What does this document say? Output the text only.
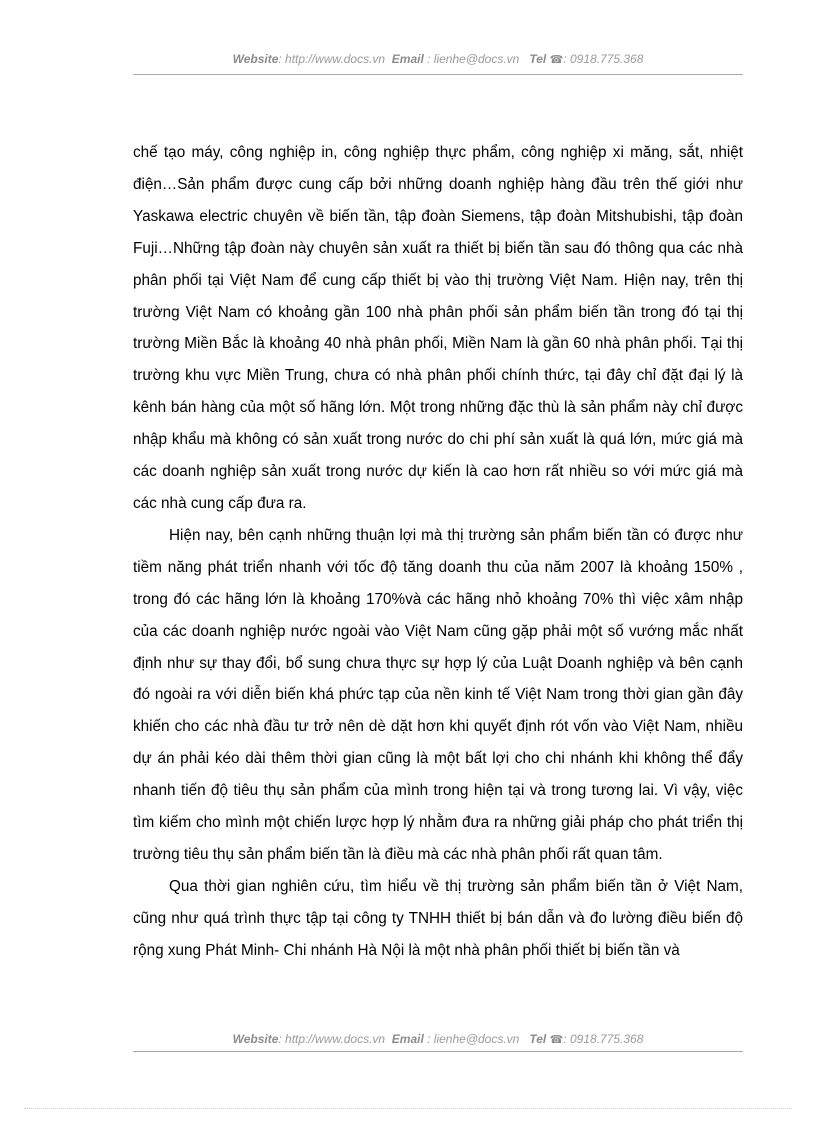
Website: http://www.docs.vn Email : lienhe@docs.vn Tel ☎: 0918.775.368

chế tạo máy, công nghiệp in, công nghiệp thực phẩm, công nghiệp xi măng, sắt, nhiệt điện…Sản phẩm được cung cấp bởi những doanh nghiệp hàng đầu trên thế giới như Yaskawa electric chuyên về biến tần, tập đoàn Siemens, tập đoàn Mitshubishi, tập đoàn Fuji…Những tập đoàn này chuyên sản xuất ra thiết bị biến tần sau đó thông qua các nhà phân phối tại Việt Nam để cung cấp thiết bị vào thị trường Việt Nam. Hiện nay, trên thị trường Việt Nam có khoảng gần 100 nhà phân phối sản phẩm biến tần trong đó tại thị trường Miền Bắc là khoảng 40 nhà phân phối, Miền Nam là gần 60 nhà phân phối. Tại thị trường khu vực Miền Trung, chưa có nhà phân phối chính thức, tại đây chỉ đặt đại lý là kênh bán hàng của một số hãng lớn. Một trong những đặc thù là sản phẩm này chỉ được nhập khẩu mà không có sản xuất trong nước do chi phí sản xuất là quá lớn, mức giá mà các doanh nghiệp sản xuất trong nước dự kiến là cao hơn rất nhiều so với mức giá mà các nhà cung cấp đưa ra.

Hiện nay, bên cạnh những thuận lợi mà thị trường sản phẩm biến tần có được như tiềm năng phát triển nhanh với tốc độ tăng doanh thu của năm 2007 là khoảng 150% , trong đó các hãng lớn là khoảng 170%và các hãng nhỏ khoảng 70% thì việc xâm nhập của các doanh nghiệp nước ngoài vào Việt Nam cũng gặp phải một số vướng mắc nhất định như sự thay đổi, bổ sung chưa thực sự hợp lý của Luật Doanh nghiệp và bên cạnh đó ngoài ra với diễn biến khá phức tạp của nền kinh tế Việt Nam trong thời gian gần đây khiến cho các nhà đầu tư trở nên dè dặt hơn khi quyết định rót vốn vào Việt Nam, nhiều dự án phải kéo dài thêm thời gian cũng là một bất lợi cho chi nhánh khi không thể đẩy nhanh tiến độ tiêu thụ sản phẩm của mình trong hiện tại và trong tương lai. Vì vậy, việc tìm kiếm cho mình một chiến lược hợp lý nhằm đưa ra những giải pháp cho phát triển thị trường tiêu thụ sản phẩm biến tần là điều mà các nhà phân phối rất quan tâm.

Qua thời gian nghiên cứu, tìm hiểu về thị trường sản phẩm biến tần ở Việt Nam, cũng như quá trình thực tập tại công ty TNHH thiết bị bán dẫn và đo lường điều biến độ rộng xung Phát Minh- Chi nhánh Hà Nội là một nhà phân phối thiết bị biến tần và

Website: http://www.docs.vn Email : lienhe@docs.vn Tel ☎: 0918.775.368
